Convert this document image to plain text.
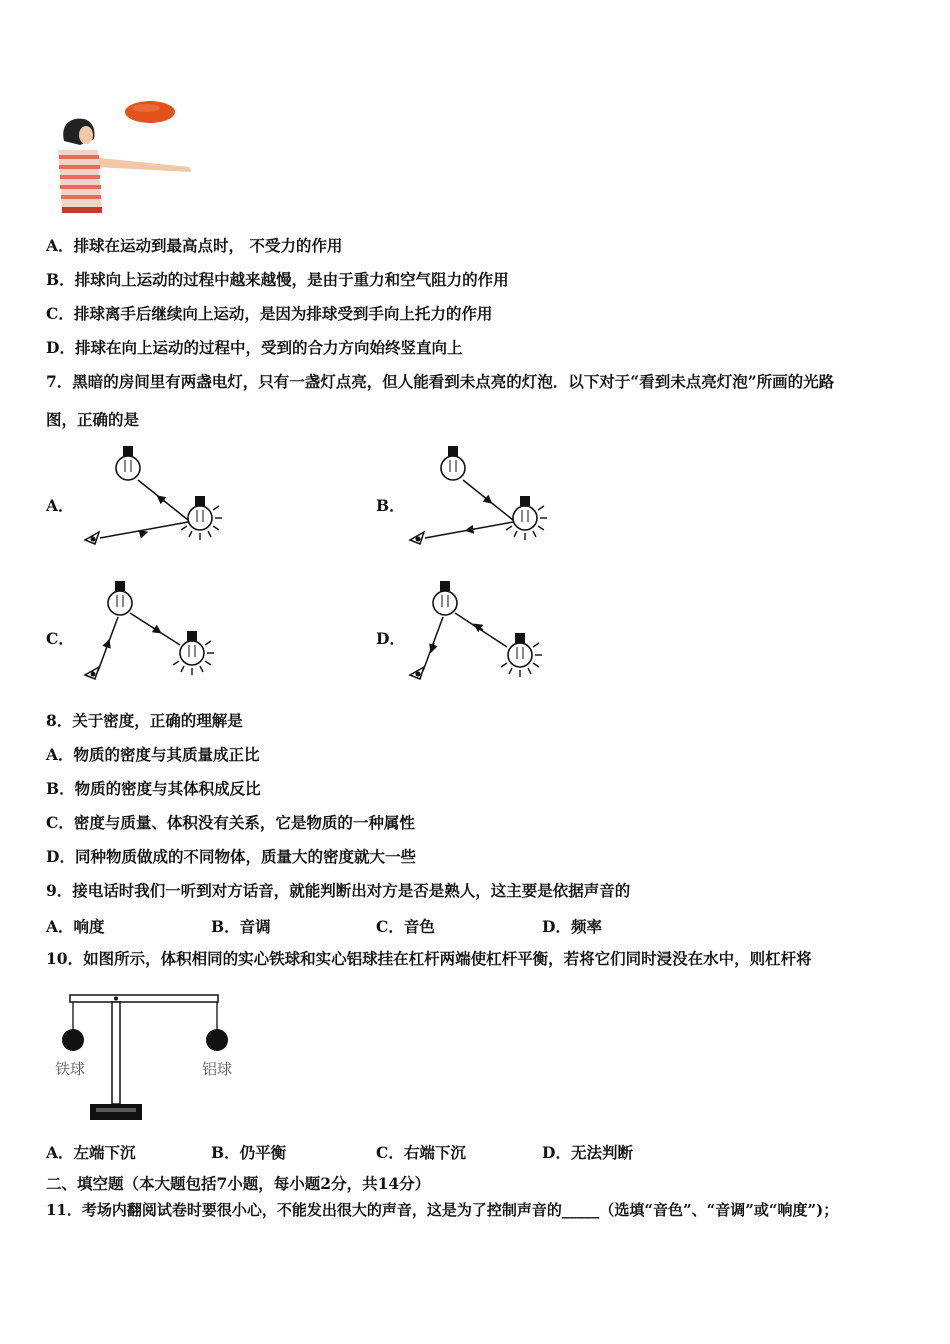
A．排球在运动到最高点时， 不受力的作用
B．排球向上运动的过程中越来越慢，是由于重力和空气阻力的作用
C．排球离手后继续向上运动，是因为排球受到手向上托力的作用
D．排球在向上运动的过程中，受到的合力方向始终竖直向上
7．黑暗的房间里有两盏电灯，只有一盏灯点亮，但人能看到未点亮的灯泡．以下对于“看到未点亮灯泡”所画的光路
图，正确的是
A．	B．
C．	D．
8．关于密度，正确的理解是
A．物质的密度与其质量成正比
B．物质的密度与其体积成反比
C．密度与质量、体积没有关系，它是物质的一种属性
D．同种物质做成的不同物体，质量大的密度就大一些
9．接电话时我们一听到对方话音，就能判断出对方是否是熟人，这主要是依据声音的
A．响度	B．音调	C．音色	D．频率
10．如图所示，体积相同的实心铁球和实心铝球挂在杠杆两端使杠杆平衡，若将它们同时浸没在水中，则杠杆将
铁球	铝球
A．左端下沉	B．仍平衡	C．右端下沉	D．无法判断
二、填空题（本大题包括7小题，每小题2分，共14分）
11．考场内翻阅试卷时要很小心，不能发出很大的声音，这是为了控制声音的_____（选填“音色”、“音调”或“响度”)；
